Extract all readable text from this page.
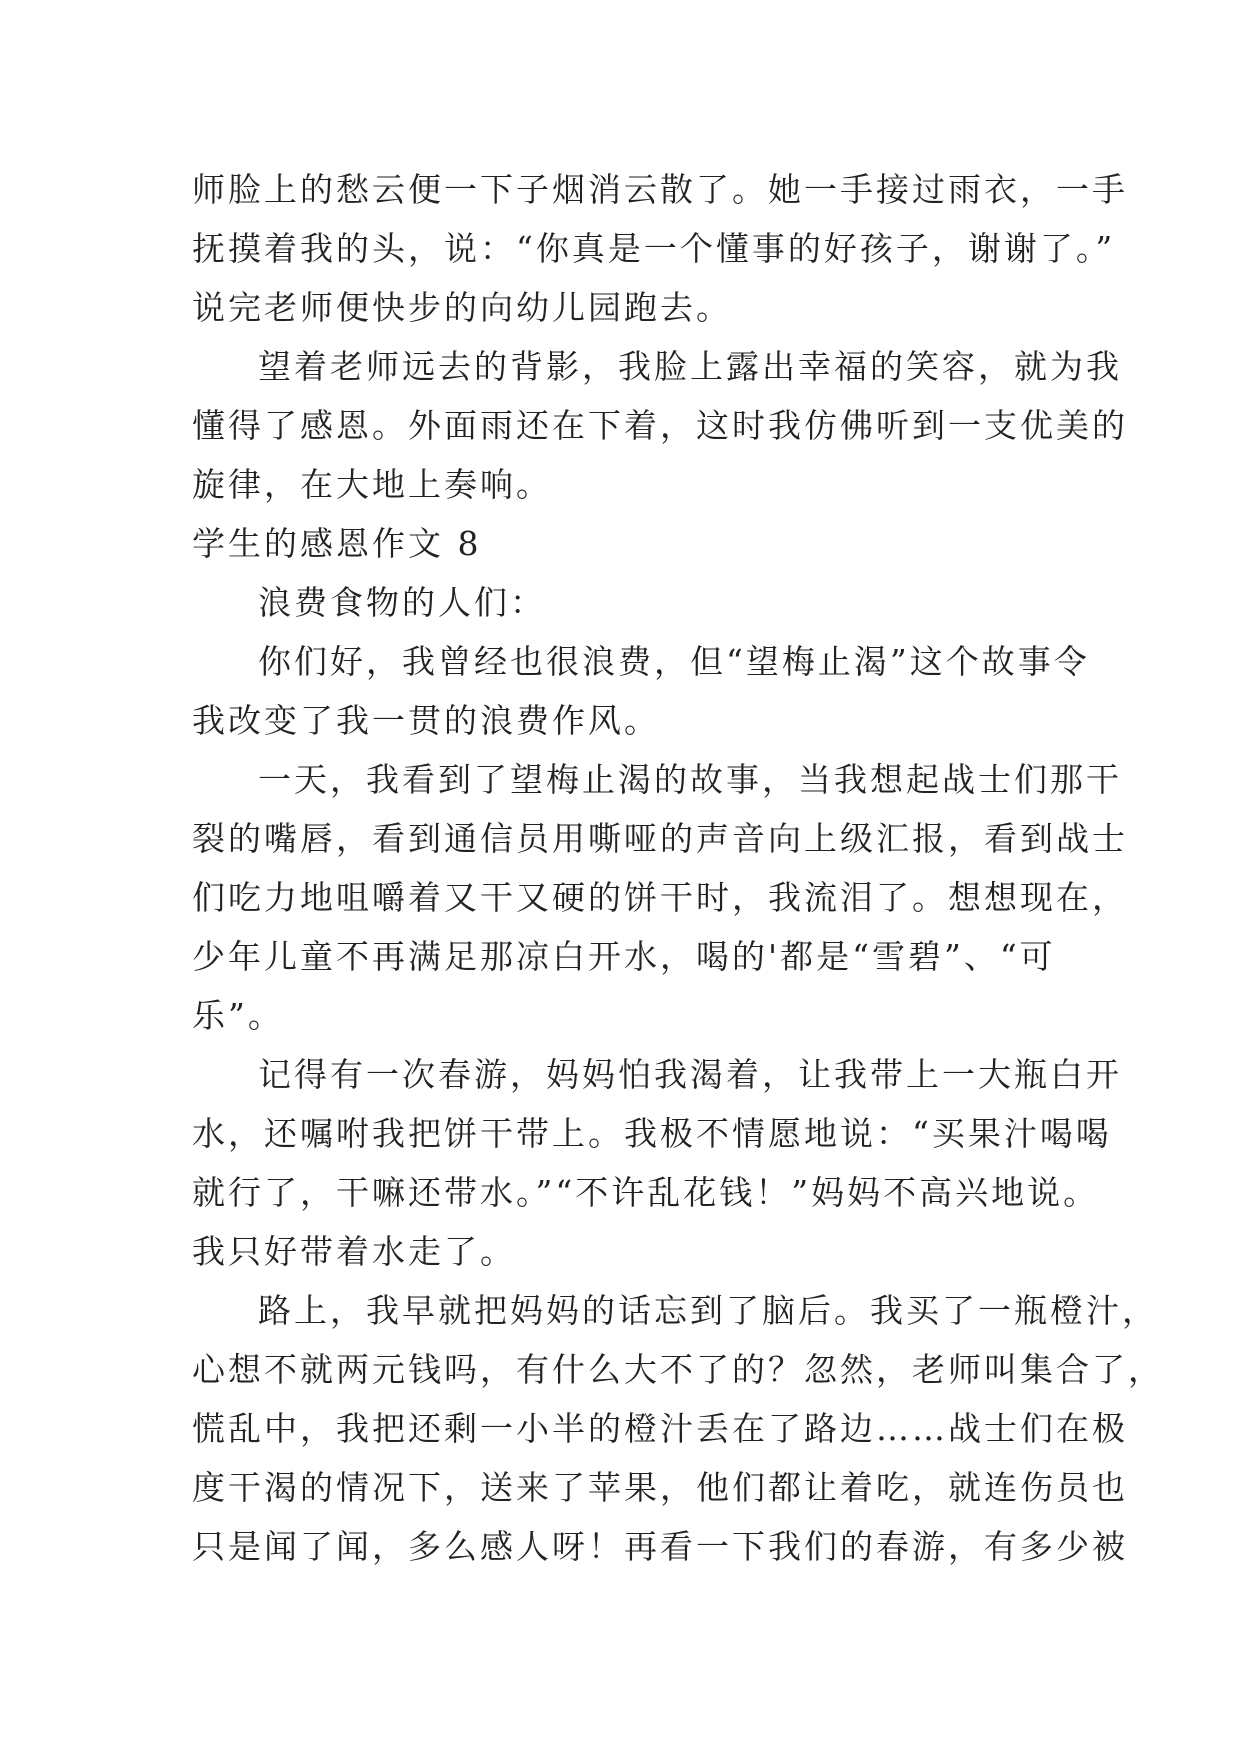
师脸上的愁云便一下子烟消云散了。她一手接过雨衣，一手
抚摸着我的头，说：“你真是一个懂事的好孩子，谢谢了。”
说完老师便快步的向幼儿园跑去。

望着老师远去的背影，我脸上露出幸福的笑容，就为我
懂得了感恩。外面雨还在下着，这时我仿佛听到一支优美的
旋律，在大地上奏响。

学生的感恩作文 8

浪费食物的人们：

你们好，我曾经也很浪费，但“望梅止渴”这个故事令
我改变了我一贯的浪费作风。

一天，我看到了望梅止渴的故事，当我想起战士们那干
裂的嘴唇，看到通信员用嘶哑的声音向上级汇报，看到战士
们吃力地咀嚼着又干又硬的饼干时，我流泪了。想想现在，
少年儿童不再满足那凉白开水，喝的'都是“雪碧”、“可
乐”。

记得有一次春游，妈妈怕我渴着，让我带上一大瓶白开
水，还嘱咐我把饼干带上。我极不情愿地说：“买果汁喝喝
就行了，干嘛还带水。”“不许乱花钱！”妈妈不高兴地说。
我只好带着水走了。

路上，我早就把妈妈的话忘到了脑后。我买了一瓶橙汁，
心想不就两元钱吗，有什么大不了的？忽然，老师叫集合了，
慌乱中，我把还剩一小半的橙汁丢在了路边……战士们在极
度干渴的情况下，送来了苹果，他们都让着吃，就连伤员也
只是闻了闻，多么感人呀！再看一下我们的春游，有多少被
